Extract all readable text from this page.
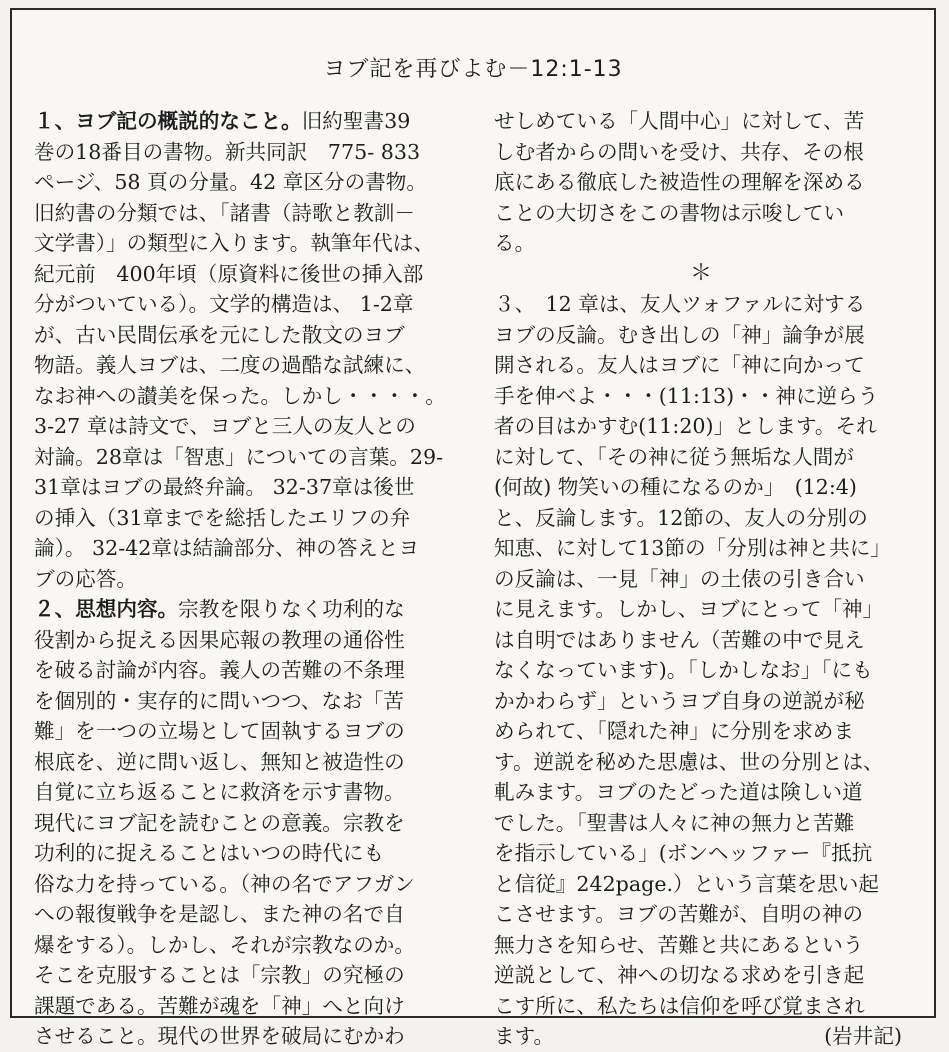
ヨブ記を再びよむ－12:1-13
１、ヨブ記の概説的なこと。旧約聖書39
巻の18番目の書物。新共同訳　775- 833
ページ、58 頁の分量。42 章区分の書物。
旧約書の分類では、「諸書（詩歌と教訓－
文学書）」の類型に入ります。執筆年代は、
紀元前　400年頃（原資料に後世の挿入部
分がついている）。文学的構造は、 1-2章
が、古い民間伝承を元にした散文のヨブ
物語。義人ヨブは、二度の過酷な試練に、
なお神への讃美を保った。しかし・・・・。
3-27 章は詩文で、ヨブと三人の友人との
対論。28章は「智恵」についての言葉。29-
31章はヨブの最終弁論。 32-37章は後世
の挿入（31章までを総括したエリフの弁
論）。 32-42章は結論部分、神の答えとヨ
ブの応答。
２、思想内容。宗教を限りなく功利的な
役割から捉える因果応報の教理の通俗性
を破る討論が内容。義人の苦難の不条理
を個別的・実存的に問いつつ、なお「苦
難」を一つの立場として固執するヨブの
根底を、逆に問い返し、無知と被造性の
自覚に立ち返ることに救済を示す書物。
現代にヨブ記を読むことの意義。宗教を
功利的に捉えることはいつの時代にも
俗な力を持っている。（神の名でアフガン
への報復戦争を是認し、また神の名で自
爆をする）。しかし、それが宗教なのか。
そこを克服することは「宗教」の究極の
課題である。苦難が魂を「神」へと向け
させること。現代の世界を破局にむかわ
せしめている「人間中心」に対して、苦
しむ者からの問いを受け、共存、その根
底にある徹底した被造性の理解を深める
ことの大切さをこの書物は示唆してい
る。
＊
３、　12 章は、友人ツォファルに対する
ヨブの反論。むき出しの「神」論争が展
開される。友人はヨブに「神に向かって
手を伸べよ・・・(11:13)・・神に逆らう
者の目はかすむ(11:20)」とします。それ
に対して、「その神に従う無垢な人間が
(何故) 物笑いの種になるのか」　(12:4)
と、反論します。12節の、友人の分別の
知恵、に対して13節の「分別は神と共に」
の反論は、一見「神」の土俵の引き合い
に見えます。しかし、ヨブにとって「神」
は自明ではありません（苦難の中で見え
なくなっています)。「しかしなお」「にも
かかわらず」というヨブ自身の逆説が秘
められて、「隠れた神」に分別を求めま
す。逆説を秘めた思慮は、世の分別とは、
軋みます。ヨブのたどった道は険しい道
でした。「聖書は人々に神の無力と苦難
を指示している」(ボンヘッファー『抵抗
と信従』242page.）という言葉を思い起
こさせます。ヨブの苦難が、自明の神の
無力さを知らせ、苦難と共にあるという
逆説として、神への切なる求めを引き起
こす所に、私たちは信仰を呼び覚まされ
ます。	(岩井記)
